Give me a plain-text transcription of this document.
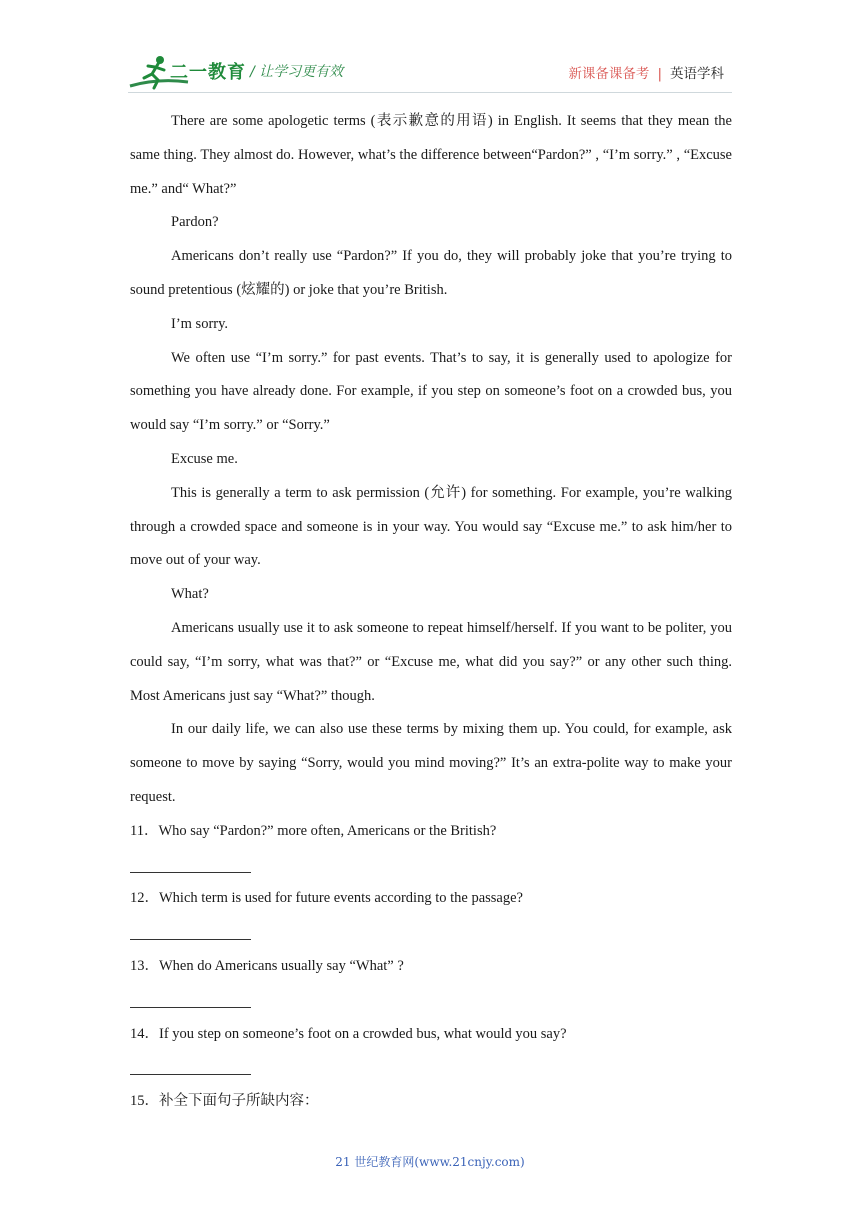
二一教育 / 让学习更有效	新课备课备考 | 英语学科

There are some apologetic terms (表示歉意的用语) in English. It seems that they mean the same thing. They almost do. However, what’s the difference between“Pardon?” , “I’m sorry.” , “Excuse me.” and“ What?”

Pardon?

Americans don’t really use “Pardon?” If you do, they will probably joke that you’re trying to sound pretentious (炫耀的) or joke that you’re British.

I’m sorry.

We often use “I’m sorry.” for past events. That’s to say, it is generally used to apologize for something you have already done. For example, if you step on someone’s foot on a crowded bus, you would say “I’m sorry.” or “Sorry.”

Excuse me.

This is generally a term to ask permission (允许) for something. For example, you’re walking through a crowded space and someone is in your way. You would say “Excuse me.” to ask him/her to move out of your way.

What?

Americans usually use it to ask someone to repeat himself/herself. If you want to be politer, you could say, “I’m sorry, what was that?” or “Excuse me, what did you say?” or any other such thing. Most Americans just say “What?” though.

In our daily life, we can also use these terms by mixing them up. You could, for example, ask someone to move by saying “Sorry, would you mind moving?” It’s an extra-polite way to make your request.

11．Who say “Pardon?” more often, Americans or the British?

12．Which term is used for future events according to the passage?

13．When do Americans usually say “What” ?

14．If you step on someone’s foot on a crowded bus, what would you say?

15．补全下面句子所缺内容：

21 世纪教育网(www.21cnjy.com)
